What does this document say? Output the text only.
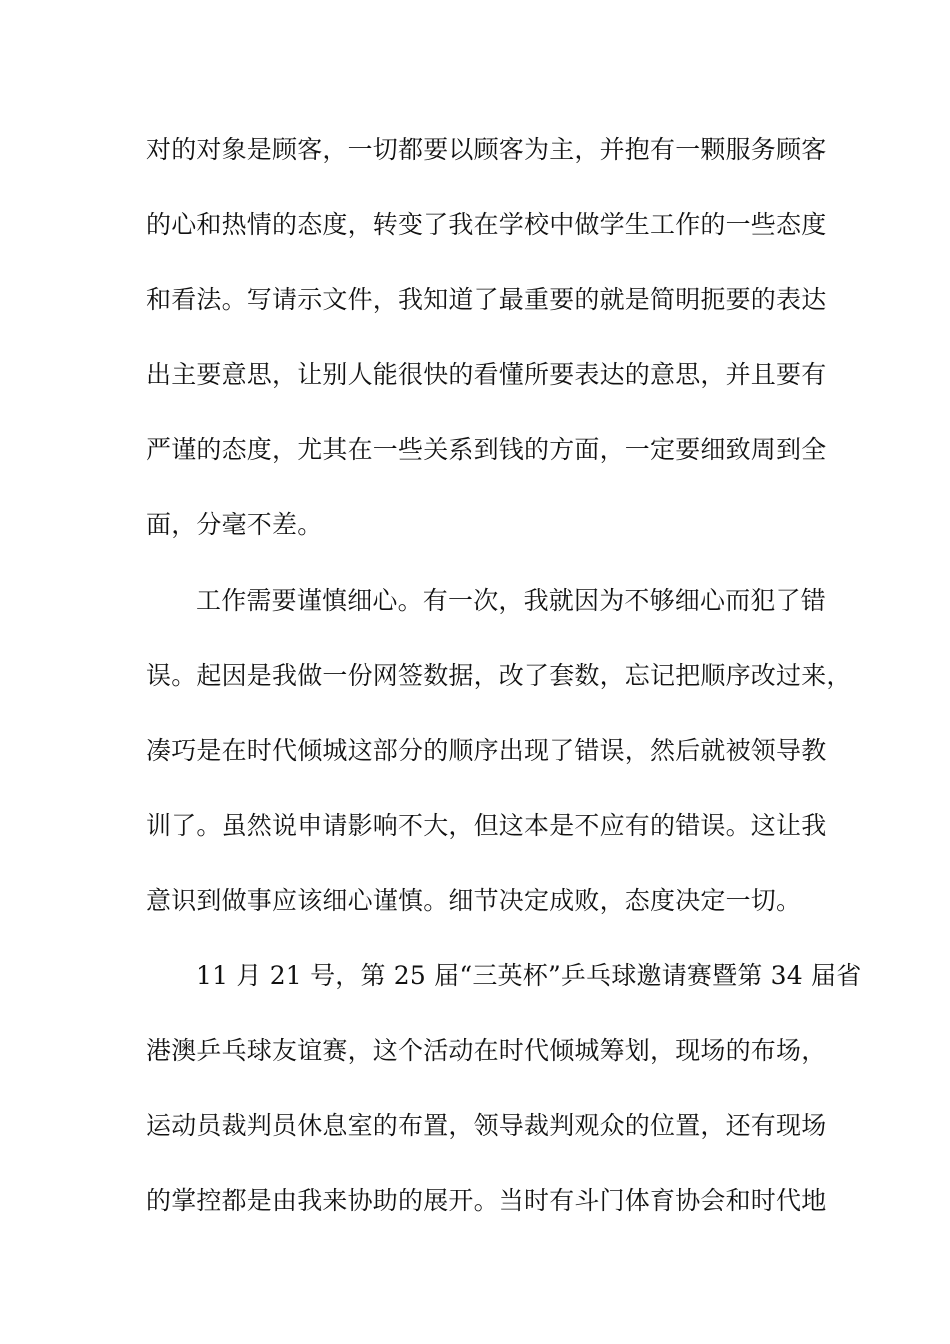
对的对象是顾客，一切都要以顾客为主，并抱有一颗服务顾客
的心和热情的态度，转变了我在学校中做学生工作的一些态度
和看法。写请示文件，我知道了最重要的就是简明扼要的表达
出主要意思，让别人能很快的看懂所要表达的意思，并且要有
严谨的态度，尤其在一些关系到钱的方面，一定要细致周到全
面，分毫不差。
工作需要谨慎细心。有一次，我就因为不够细心而犯了错
误。起因是我做一份网签数据，改了套数，忘记把顺序改过来，
凑巧是在时代倾城这部分的顺序出现了错误，然后就被领导教
训了。虽然说申请影响不大，但这本是不应有的错误。这让我
意识到做事应该细心谨慎。细节决定成败，态度决定一切。
11 月 21 号，第 25 届“三英杯”乒乓球邀请赛暨第 34 届省
港澳乒乓球友谊赛，这个活动在时代倾城筹划，现场的布场，
运动员裁判员休息室的布置，领导裁判观众的位置，还有现场
的掌控都是由我来协助的展开。当时有斗门体育协会和时代地
